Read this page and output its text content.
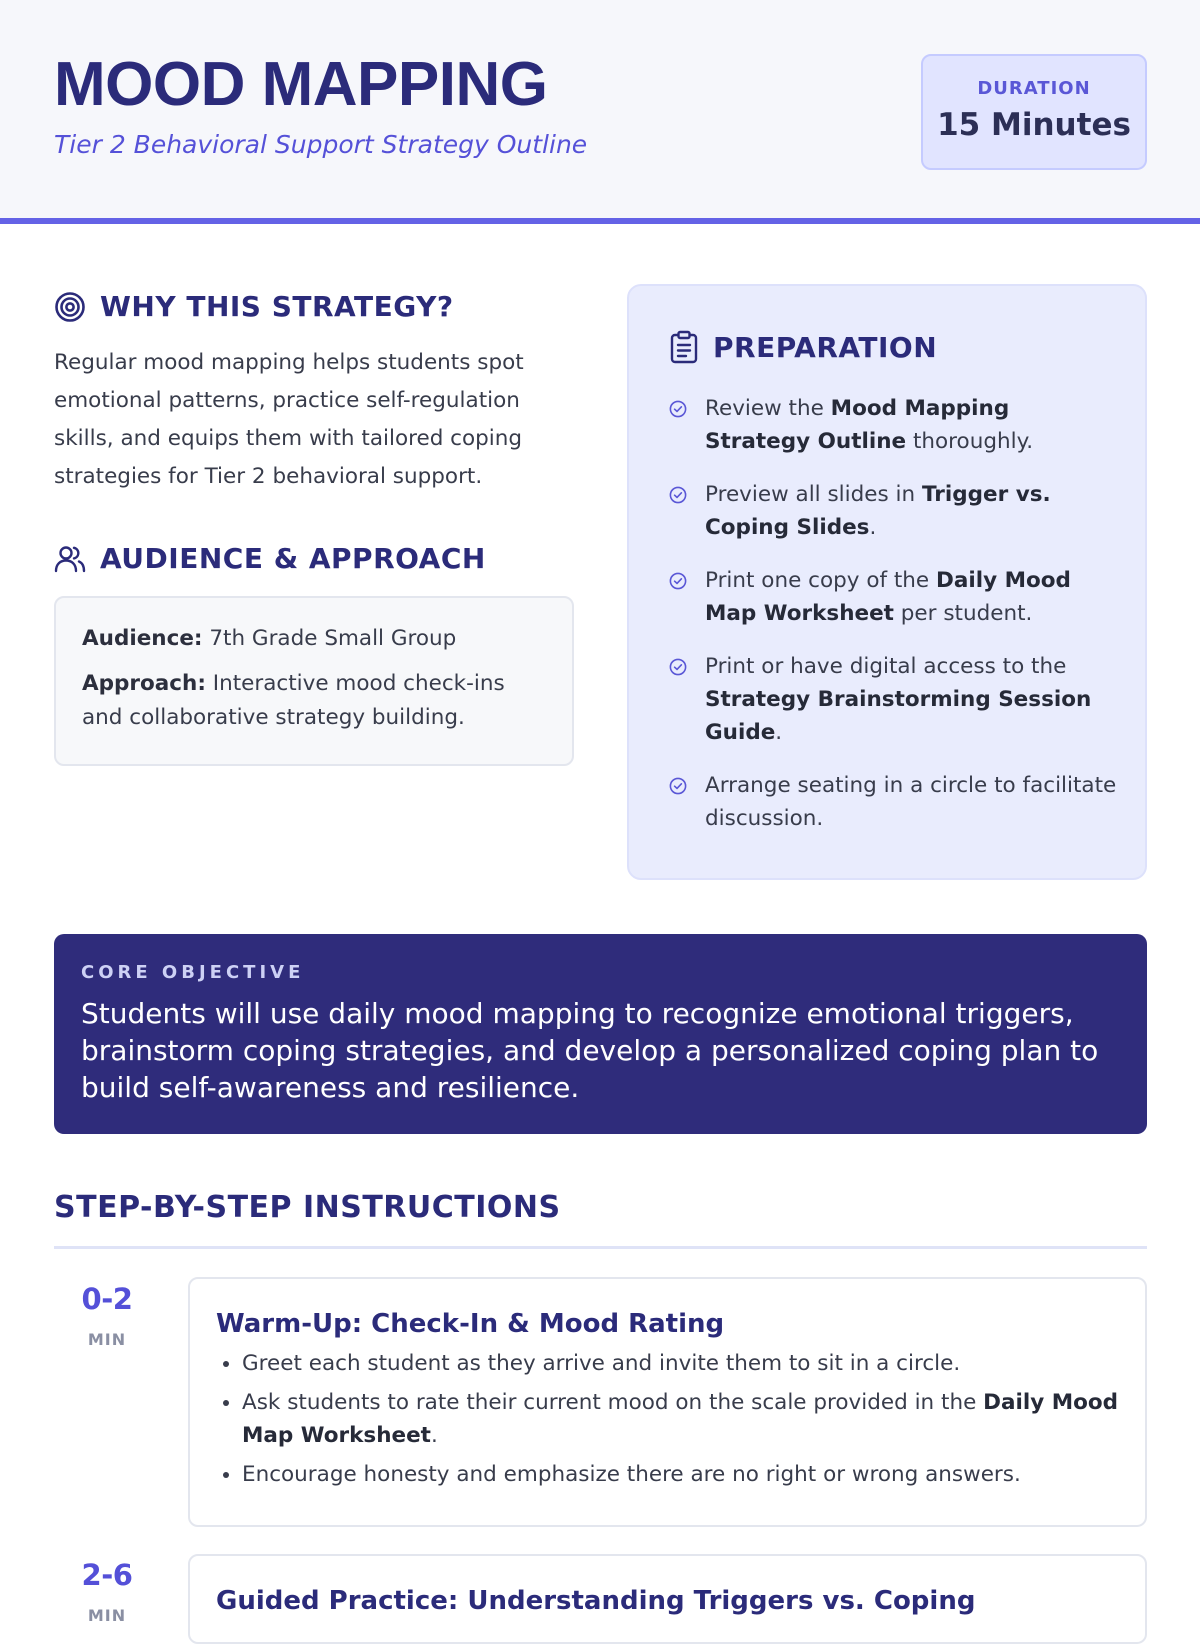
MOOD MAPPING
Tier 2 Behavioral Support Strategy Outline
DURATION
15 Minutes
WHY THIS STRATEGY?
Regular mood mapping helps students spot emotional patterns, practice self-regulation skills, and equips them with tailored coping strategies for Tier 2 behavioral support.
AUDIENCE & APPROACH

Audience: 7th Grade Small Group

Approach: Interactive mood check-ins and collaborative strategy building.

PREPARATION
Review the Mood Mapping Strategy Outline thoroughly.
Preview all slides in Trigger vs. Coping Slides.
Print one copy of the Daily Mood Map Worksheet per student.
Print or have digital access to the Strategy Brainstorming Session Guide.
Arrange seating in a circle to facilitate discussion.
CORE OBJECTIVE
Students will use daily mood mapping to recognize emotional triggers, brainstorm coping strategies, and develop a personalized coping plan to build self-awareness and resilience.
STEP-BY-STEP INSTRUCTIONS
0-2
MIN
Warm-Up: Check-In & Mood Rating
• Greet each student as they arrive and invite them to sit in a circle.
• Ask students to rate their current mood on the scale provided in the Daily Mood Map Worksheet.
• Encourage honesty and emphasize there are no right or wrong answers.
2-6
MIN	Guided Practice: Understanding Triggers vs. Coping
